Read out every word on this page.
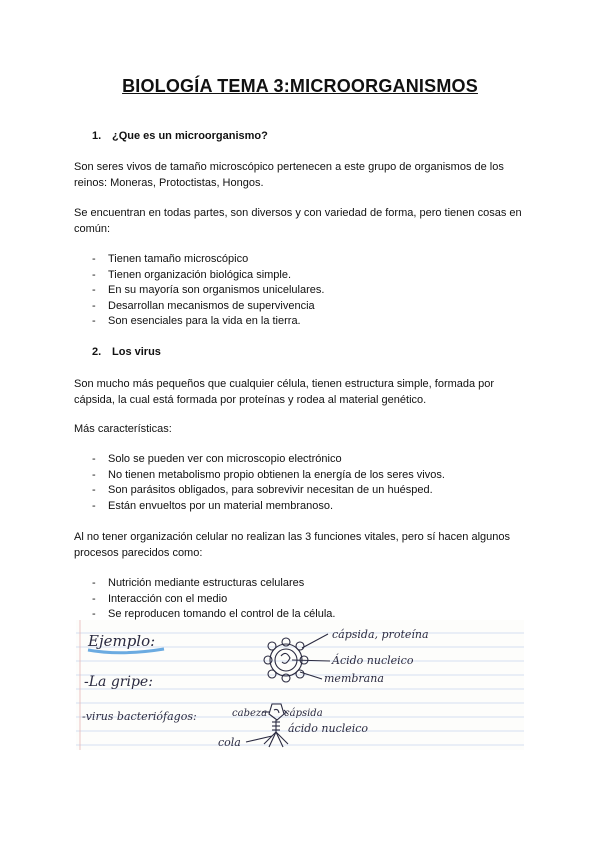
BIOLOGÍA TEMA 3:MICROORGANISMOS
1. ¿Que es un microorganismo?
Son seres vivos de tamaño microscópico pertenecen a este grupo de organismos de los reinos: Moneras, Protoctistas, Hongos.
Se encuentran en todas partes, son diversos y con variedad de forma, pero tienen cosas en común:
- Tienen tamaño microscópico
- Tienen organización biológica simple.
- En su mayoría son organismos unicelulares.
- Desarrollan mecanismos de supervivencia
- Son esenciales para la vida en la tierra.
2. Los virus
Son mucho más pequeños que cualquier célula, tienen estructura simple, formada por cápsida, la cual está formada por proteínas y rodea al material genético.
Más características:
- Solo se pueden ver con microscopio electrónico
- No tienen metabolismo propio obtienen la energía de los seres vivos.
- Son parásitos obligados, para sobrevivir necesitan de un huésped.
- Están envueltos por un material membranoso.
Al no tener organización celular no realizan las 3 funciones vitales, pero sí hacen algunos procesos parecidos como:
- Nutrición mediante estructuras celulares
- Interacción con el medio
- Se reproducen tomando el control de la célula.
Ejemplo:
-La gripe:
-virus bacteriófagos:
cápsida, proteína
Ácido nucleico
membrana
cabeza cápsida
ácido nucleico
cola
